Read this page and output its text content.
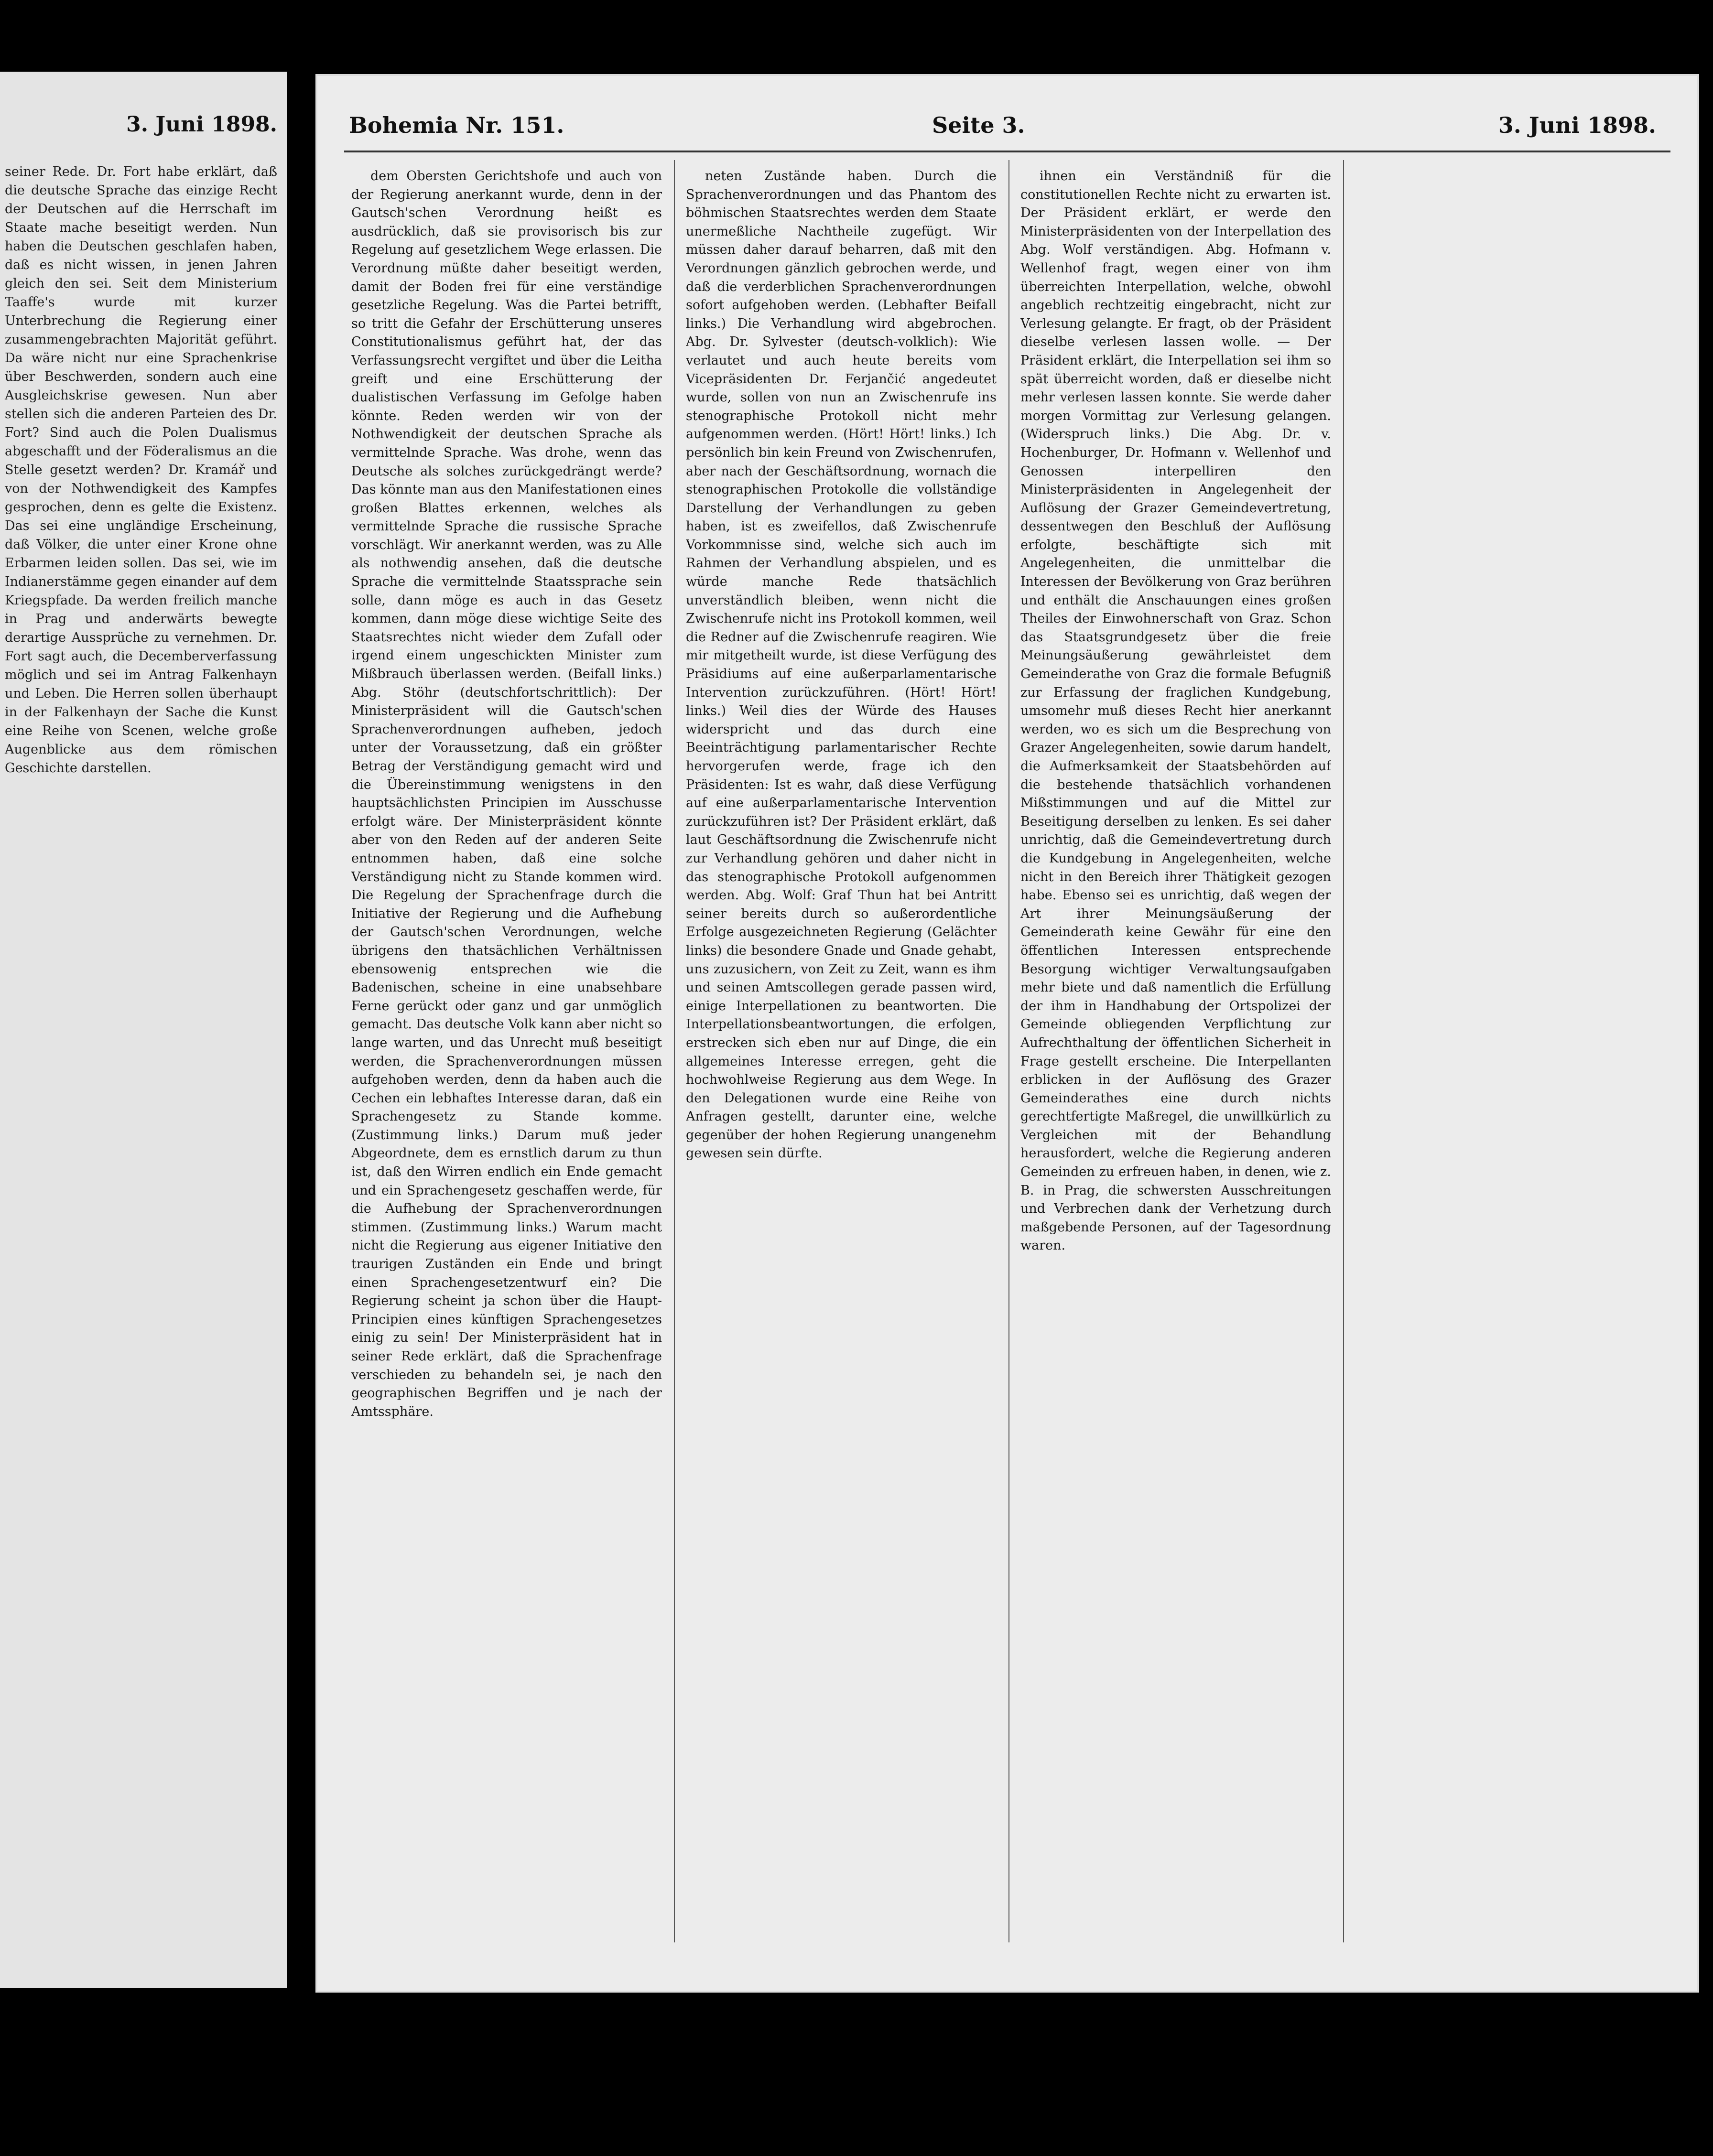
3. Juni 1898.
seiner Rede. Dr. Fort habe erklärt, daß die deutsche Sprache das einzige Recht der Deutschen auf die Herrschaft im Staate mache beseitigt werden. Nun haben die Deutschen geschlafen haben, daß es nicht wissen, in jenen Jahren gleich den sei. Seit dem Ministerium Taaffe's wurde mit kurzer Unterbrechung die Regierung einer zusammengebrachten Majorität geführt. Da wäre nicht nur eine Sprachenkrise über Beschwerden, sondern auch eine Ausgleichskrise gewesen. Nun aber stellen sich die anderen Parteien des Dr. Fort? Sind auch die Polen Dualismus abgeschafft und der Föderalismus an die Stelle gesetzt werden? Dr. Kramář und von der Nothwendigkeit des Kampfes gesprochen, denn es gelte die Existenz. Das sei eine ungländige Erscheinung, daß Völker, die unter einer Krone ohne Erbarmen leiden sollen. Das sei, wie im Indianerstämme gegen einander auf dem Kriegspfade. Da werden freilich manche in Prag und anderwärts bewegte derartige Aussprüche zu vernehmen. Dr. Fort sagt auch, die Decemberverfassung möglich und sei im Antrag Falkenhayn und Leben. Die Herren sollen überhaupt in der Falkenhayn der Sache die Kunst eine Reihe von Scenen, welche große Augenblicke aus dem römischen Geschichte darstellen.
Bohemia Nr. 151.	Seite 3.	3. Juni 1898.

dem Obersten Gerichtshofe und auch von der Regierung anerkannt wurde, denn in der Gautsch'schen Verordnung heißt es ausdrücklich, daß sie provisorisch bis zur Regelung auf gesetzlichem Wege erlassen. Die Verordnung müßte daher beseitigt werden, damit der Boden frei für eine verständige gesetzliche Regelung. Was die Partei betrifft, so tritt die Gefahr der Erschütterung unseres Constitutionalismus geführt hat, der das Verfassungsrecht vergiftet und über die Leitha greift und eine Erschütterung der dualistischen Verfassung im Gefolge haben könnte. Reden werden wir von der Nothwendigkeit der deutschen Sprache als vermittelnde Sprache. Was drohe, wenn das Deutsche als solches zurückgedrängt werde? Das könnte man aus den Manifestationen eines großen Blattes erkennen, welches als vermittelnde Sprache die russische Sprache vorschlägt. Wir anerkannt werden, was zu Alle als nothwendig ansehen, daß die deutsche Sprache die vermittelnde Staatssprache sein solle, dann möge es auch in das Gesetz kommen, dann möge diese wichtige Seite des Staatsrechtes nicht wieder dem Zufall oder irgend einem ungeschickten Minister zum Mißbrauch überlassen werden. (Beifall links.) Abg. Stöhr (deutschfortschrittlich): Der Ministerpräsident will die Gautsch'schen Sprachenverordnungen aufheben, jedoch unter der Voraussetzung, daß ein größter Betrag der Verständigung gemacht wird und die Übereinstimmung wenigstens in den hauptsächlichsten Principien im Ausschusse erfolgt wäre. Der Ministerpräsident könnte aber von den Reden auf der anderen Seite entnommen haben, daß eine solche Verständigung nicht zu Stande kommen wird. Die Regelung der Sprachenfrage durch die Initiative der Regierung und die Aufhebung der Gautsch'schen Verordnungen, welche übrigens den thatsächlichen Verhältnissen ebensowenig entsprechen wie die Badenischen, scheine in eine unabsehbare Ferne gerückt oder ganz und gar unmöglich gemacht. Das deutsche Volk kann aber nicht so lange warten, und das Unrecht muß beseitigt werden, die Sprachenverordnungen müssen aufgehoben werden, denn da haben auch die Cechen ein lebhaftes Interesse daran, daß ein Sprachengesetz zu Stande komme. (Zustimmung links.) Darum muß jeder Abgeordnete, dem es ernstlich darum zu thun ist, daß den Wirren endlich ein Ende gemacht und ein Sprachengesetz geschaffen werde, für die Aufhebung der Sprachenverordnungen stimmen. (Zustimmung links.) Warum macht nicht die Regierung aus eigener Initiative den traurigen Zuständen ein Ende und bringt einen Sprachengesetzentwurf ein? Die Regierung scheint ja schon über die Haupt-Principien eines künftigen Sprachengesetzes einig zu sein! Der Ministerpräsident hat in seiner Rede erklärt, daß die Sprachenfrage verschieden zu behandeln sei, je nach den geographischen Begriffen und je nach der Amtssphäre.

neten Zustände haben. Durch die Sprachenverordnungen und das Phantom des böhmischen Staatsrechtes werden dem Staate unermeßliche Nachtheile zugefügt. Wir müssen daher darauf beharren, daß mit den Verordnungen gänzlich gebrochen werde, und daß die verderblichen Sprachenverordnungen sofort aufgehoben werden. (Lebhafter Beifall links.) Die Verhandlung wird abgebrochen. Abg. Dr. Sylvester (deutsch-volklich): Wie verlautet und auch heute bereits vom Vicepräsidenten Dr. Ferjančić angedeutet wurde, sollen von nun an Zwischenrufe ins stenographische Protokoll nicht mehr aufgenommen werden. (Hört! Hört! links.) Ich persönlich bin kein Freund von Zwischenrufen, aber nach der Geschäftsordnung, wornach die stenographischen Protokolle die vollständige Darstellung der Verhandlungen zu geben haben, ist es zweifellos, daß Zwischenrufe Vorkommnisse sind, welche sich auch im Rahmen der Verhandlung abspielen, und es würde manche Rede thatsächlich unverständlich bleiben, wenn nicht die Zwischenrufe nicht ins Protokoll kommen, weil die Redner auf die Zwischenrufe reagiren. Wie mir mitgetheilt wurde, ist diese Verfügung des Präsidiums auf eine außerparlamentarische Intervention zurückzuführen. (Hört! Hört! links.) Weil dies der Würde des Hauses widerspricht und das durch eine Beeinträchtigung parlamentarischer Rechte hervorgerufen werde, frage ich den Präsidenten: Ist es wahr, daß diese Verfügung auf eine außerparlamentarische Intervention zurückzuführen ist? Der Präsident erklärt, daß laut Geschäftsordnung die Zwischenrufe nicht zur Verhandlung gehören und daher nicht in das stenographische Protokoll aufgenommen werden. Abg. Wolf: Graf Thun hat bei Antritt seiner bereits durch so außerordentliche Erfolge ausgezeichneten Regierung (Gelächter links) die besondere Gnade und Gnade gehabt, uns zuzusichern, von Zeit zu Zeit, wann es ihm und seinen Amtscollegen gerade passen wird, einige Interpellationen zu beantworten. Die Interpellationsbeantwortungen, die erfolgen, erstrecken sich eben nur auf Dinge, die ein allgemeines Interesse erregen, geht die hochwohlweise Regierung aus dem Wege. In den Delegationen wurde eine Reihe von Anfragen gestellt, darunter eine, welche gegenüber der hohen Regierung unangenehm gewesen sein dürfte.

ihnen ein Verständniß für die constitutionellen Rechte nicht zu erwarten ist. Der Präsident erklärt, er werde den Ministerpräsidenten von der Interpellation des Abg. Wolf verständigen. Abg. Hofmann v. Wellenhof fragt, wegen einer von ihm überreichten Interpellation, welche, obwohl angeblich rechtzeitig eingebracht, nicht zur Verlesung gelangte. Er fragt, ob der Präsident dieselbe verlesen lassen wolle. — Der Präsident erklärt, die Interpellation sei ihm so spät überreicht worden, daß er dieselbe nicht mehr verlesen lassen konnte. Sie werde daher morgen Vormittag zur Verlesung gelangen. (Widerspruch links.) Die Abg. Dr. v. Hochenburger, Dr. Hofmann v. Wellenhof und Genossen interpelliren den Ministerpräsidenten in Angelegenheit der Auflösung der Grazer Gemeindevertretung, dessentwegen den Beschluß der Auflösung erfolgte, beschäftigte sich mit Angelegenheiten, die unmittelbar die Interessen der Bevölkerung von Graz berühren und enthält die Anschauungen eines großen Theiles der Einwohnerschaft von Graz. Schon das Staatsgrundgesetz über die freie Meinungsäußerung gewährleistet dem Gemeinderathe von Graz die formale Befugniß zur Erfassung der fraglichen Kundgebung, umsomehr muß dieses Recht hier anerkannt werden, wo es sich um die Besprechung von Grazer Angelegenheiten, sowie darum handelt, die Aufmerksamkeit der Staatsbehörden auf die bestehende thatsächlich vorhandenen Mißstimmungen und auf die Mittel zur Beseitigung derselben zu lenken. Es sei daher unrichtig, daß die Gemeindevertretung durch die Kundgebung in Angelegenheiten, welche nicht in den Bereich ihrer Thätigkeit gezogen habe. Ebenso sei es unrichtig, daß wegen der Art ihrer Meinungsäußerung der Gemeinderath keine Gewähr für eine den öffentlichen Interessen entsprechende Besorgung wichtiger Verwaltungsaufgaben mehr biete und daß namentlich die Erfüllung der ihm in Handhabung der Ortspolizei der Gemeinde obliegenden Verpflichtung zur Aufrechthaltung der öffentlichen Sicherheit in Frage gestellt erscheine. Die Interpellanten erblicken in der Auflösung des Grazer Gemeinderathes eine durch nichts gerechtfertigte Maßregel, die unwillkürlich zu Vergleichen mit der Behandlung herausfordert, welche die Regierung anderen Gemeinden zu erfreuen haben, in denen, wie z. B. in Prag, die schwersten Ausschreitungen und Verbrechen dank der Verhetzung durch maßgebende Personen, auf der Tagesordnung waren.
